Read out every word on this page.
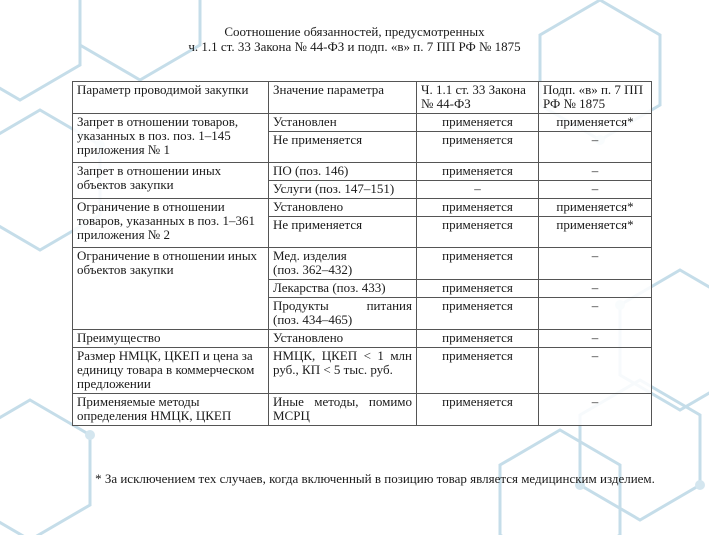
Соотношение обязанностей, предусмотренных
ч. 1.1 ст. 33 Закона № 44-ФЗ и подп. «в» п. 7 ПП РФ № 1875
Параметр проводимой закупки	Значение параметра	Ч. 1.1 ст. 33 Закона № 44-ФЗ	Подп. «в» п. 7 ПП РФ № 1875
Запрет в отношении товаров, указанных в поз. поз. 1–145 приложения № 1	Установлен	применяется	применяется*
	Не применяется	применяется	–
Запрет в отношении иных объектов закупки	ПО (поз. 146)	применяется	–
	Услуги (поз. 147–151)	–	–
Ограничение в отношении товаров, указанных в поз. 1–361 приложения № 2	Установлено	применяется	применяется*
	Не применяется	применяется	применяется*
Ограничение в отношении иных объектов закупки	Мед. изделия
(поз. 362–432)	применяется	–
	Лекарства (поз. 433)	применяется	–

	Продукты питания
(поз. 434–465)	применяется	–
Преимущество	Установлено	применяется	–
Размер НМЦК, ЦКЕП и цена за единицу товара в коммерческом предложении	НМЦК, ЦКЕП < 1 млн
руб., КП < 5 тыс. руб.	применяется	–
Применяемые методы определения НМЦК, ЦКЕП	Иные методы, помимо
МСРЦ	применяется	–
* За исключением тех случаев, когда включенный в позицию товар является медицинским изделием.
